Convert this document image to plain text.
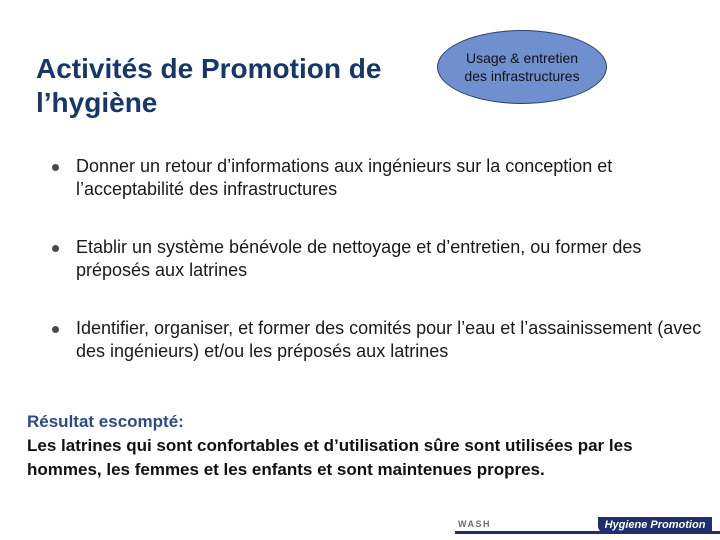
Activités de Promotion de l’hygiène
Usage & entretien
des infrastructures
Donner un retour d’informations aux ingénieurs sur la conception et l’acceptabilité des infrastructures
Etablir un système bénévole de nettoyage et d’entretien, ou former des préposés aux latrines
Identifier, organiser, et former des comités pour l’eau et l’assainissement (avec des ingénieurs) et/ou les préposés aux latrines
Résultat escompté:
Les latrines qui sont confortables et d’utilisation sûre sont utilisées par les hommes, les femmes et les enfants et sont maintenues propres.
WASH	Hygiene Promotion
